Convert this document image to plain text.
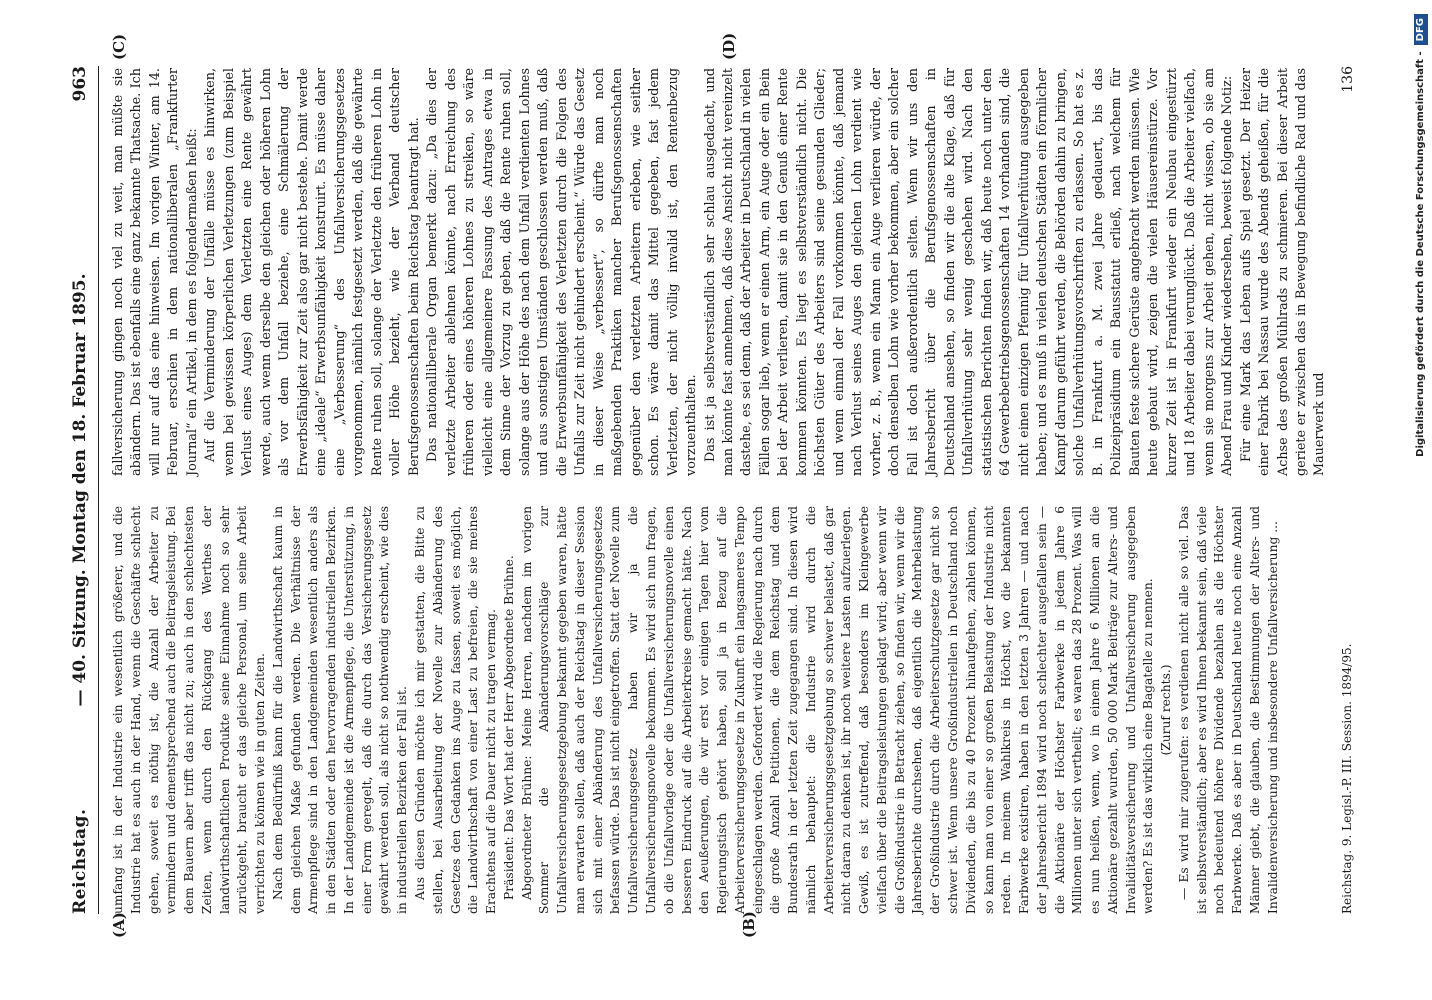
Reichstag.
— 40. Sitzung. Montag den 18. Februar 1895.
963
(A)	(B)
(C)	(D)

umfang ist in der Industrie ein wesentlich größerer, und die Industrie hat es auch in der Hand, wenn die Geschäfte schlecht gehen, soweit es nöthig ist, die Anzahl der Arbeiter zu vermindern und dementsprechend auch die Beitragsleistung. Bei dem Bauern aber trifft das nicht zu; auch in den schlechtesten Zeiten, wenn durch den Rückgang des Werthes der landwirthschaftlichen Produkte seine Einnahme noch so sehr zurückgeht, braucht er das gleiche Personal, um seine Arbeit verrichten zu können wie in guten Zeiten. Nach dem Bedürfniß kann für die Landwirthschaft kaum in dem gleichen Maße gefunden werden. Die Verhältnisse der Armenpflege sind in den Landgemeinden wesentlich anders als in den Städten oder den hervorragenden industriellen Bezirken. In der Landgemeinde ist die Armenpflege, die Unterstützung, in einer Form geregelt, daß die durch das Versicherungsgesetz gewährt werden soll, als nicht so nothwendig erscheint, wie dies in industriellen Bezirken der Fall ist. Aus diesen Gründen möchte ich mir gestatten, die Bitte zu stellen, bei Ausarbeitung der Novelle zur Abänderung des Gesetzes den Gedanken ins Auge zu fassen, soweit es möglich, die Landwirthschaft von einer Last zu befreien, die sie meines Erachtens auf die Dauer nicht zu tragen vermag. Präsident: Das Wort hat der Herr Abgeordnete Brühne. Abgeordneter Brühne: Meine Herren, nachdem im vorigen Sommer die Abänderungsvorschläge zur Unfallversicherungsgesetzgebung bekannt gegeben waren, hätte man erwarten sollen, daß auch der Reichstag in dieser Session sich mit einer Abänderung des Unfallversicherungsgesetzes befassen würde. Das ist nicht eingetroffen. Statt der Novelle zum Unfallversicherungsgesetz haben wir ja die Unfallversicherungsnovelle bekommen. Es wird sich nun fragen, ob die Unfallvorlage oder die Unfallversicherungsnovelle einen besseren Eindruck auf die Arbeiterkreise gemacht hätte. Nach den Aeußerungen, die wir erst vor einigen Tagen hier vom Regierungstisch gehört haben, soll ja in Bezug auf die Arbeiterversicherungsgesetze in Zukunft ein langsameres Tempo eingeschlagen werden. Gefordert wird die Regierung nach durch die große Anzahl Petitionen, die dem Reichstag und dem Bundesrath in der letzten Zeit zugegangen sind. In diesen wird nämlich behauptet: die Industrie wird durch die Arbeiterversicherungsgesetzgebung so schwer belastet, daß gar nicht daran zu denken ist, ihr noch weitere Lasten aufzuerlegen. Gewiß, es ist zutreffend, daß besonders im Kleingewerbe vielfach über die Beitragsleistungen geklagt wird; aber wenn wir die Großindustrie in Betracht ziehen, so finden wir, wenn wir die Jahresberichte durchsehen, daß eigentlich die Mehrbelastung der Großindustrie durch die Arbeiterschutzgesetze gar nicht so schwer ist. Wenn unsere Großindustriellen in Deutschland noch Dividenden, die bis zu 40 Prozent hinaufgehen, zahlen können, so kann man von einer so großen Belastung der Industrie nicht reden. In meinem Wahlkreis in Höchst, wo die bekannten Farbwerke existiren, haben in den letzten 3 Jahren — und nach der Jahresbericht 1894 wird noch schlechter ausgefallen sein — die Aktionäre der Höchster Farbwerke in jedem Jahre 6 Millionen unter sich vertheilt; es waren das 28 Prozent. Was will es nun heißen, wenn, wo in einem Jahre 6 Millionen an die Aktionäre gezahlt wurden, 50 000 Mark Beiträge zur Alters- und Invaliditätsversicherung und Unfallversicherung ausgegeben werden? Es ist das wirklich eine Bagatelle zu nennen. (Zuruf rechts.) — Es wird mir zugerufen: es verdienen nicht alle so viel. Das ist selbstverständlich; aber es wird Ihnen bekannt sein, daß viele noch bedeutend höhere Dividende bezahlen als die Höchster Farbwerke. Daß es aber in Deutschland heute noch eine Anzahl Männer giebt, die glauben, die Bestimmungen der Alters- und Invalidenversicherung und insbesondere Unfallversicherung ...

fallversicherung gingen noch viel zu weit, man müßte sie abändern. Das ist ebenfalls eine ganz bekannte Thatsache. Ich will nur auf das eine hinweisen. Im vorigen Winter, am 14. Februar, erschien in dem nationalliberalen „Frankfurter Journal“ ein Artikel, in dem es folgendermaßen heißt: Auf die Verminderung der Unfälle müsse es hinwirken, wenn bei gewissen körperlichen Verletzungen (zum Beispiel Verlust eines Auges) dem Verletzten eine Rente gewährt werde, auch wenn derselbe den gleichen oder höheren Lohn als vor dem Unfall beziehe, eine Schmälerung der Erwerbsfähigkeit zur Zeit also gar nicht bestehe. Damit werde eine „ideale“ Erwerbsunfähigkeit konstruirt. Es müsse daher eine „Verbesserung“ des Unfallversicherungsgesetzes vorgenommen, nämlich festgesetzt werden, daß die gewährte Rente ruhen soll, solange der Verletzte den früheren Lohn in voller Höhe bezieht, wie der Verband deutscher Berufsgenossenschaften beim Reichstag beantragt hat. Das nationalliberale Organ bemerkt dazu: „Da dies der verletzte Arbeiter ablehnen könnte, nach Erreichung des früheren oder eines höheren Lohnes zu streiken, so wäre vielleicht eine allgemeinere Fassung des Antrages etwa in dem Sinne der Vorzug zu geben, daß die Rente ruhen soll, solange aus der Höhe des nach dem Unfall verdienten Lohnes und aus sonstigen Umständen geschlossen werden muß, daß die Erwerbsunfähigkeit des Verletzten durch die Folgen des Unfalls zur Zeit nicht gehindert erscheint.“ Würde das Gesetz in dieser Weise „verbessert“, so dürfte man noch maßgebenden Praktiken mancher Berufsgenossenschaften gegenüber den verletzten Arbeitern erleben, wie seither schon. Es wäre damit das Mittel gegeben, fast jedem Verletzten, der nicht völlig invalid ist, den Rentenbezug vorzuenthalten. Das ist ja selbstverständlich sehr schlau ausgedacht, und man könnte fast annehmen, daß diese Ansicht nicht vereinzelt dastehe, es sei denn, daß der Arbeiter in Deutschland in vielen Fällen sogar lieb, wenn er einen Arm, ein Auge oder ein Bein bei der Arbeit verlieren, damit sie in den Genuß einer Rente kommen könnten. Es liegt es selbstverständlich nicht. Die höchsten Güter des Arbeiters sind seine gesunden Glieder; und wenn einmal der Fall vorkommen könnte, daß jemand nach Verlust seines Auges den gleichen Lohn verdient wie vorher, z. B., wenn ein Mann ein Auge verlieren würde, der doch denselben Lohn wie vorher bekommen, aber ein solcher Fall ist doch außerordentlich selten. Wenn wir uns den Jahresbericht über die Berufsgenossenschaften in Deutschland ansehen, so finden wir die alte Klage, daß für Unfallverhütung sehr wenig geschehen wird. Nach den statistischen Berichten finden wir, daß heute noch unter den 64 Gewerbebetriebsgenossenschaften 14 vorhanden sind, die nicht einen einzigen Pfennig für Unfallverhütung ausgegeben haben; und es muß in vielen deutschen Städten ein förmlicher Kampf darum geführt werden, die Behörden dahin zu bringen, solche Unfallverhütungsvorschriften zu erlassen. So hat es z. B. in Frankfurt a. M. zwei Jahre gedauert, bis das Polizeipräsidium ein Bausstatut erließ, nach welchem für Bauten feste sichere Gerüste angebracht werden müssen. Wie heute gebaut wird, zeigen die vielen Häusereinstürze. Vor kurzer Zeit ist in Frankfurt wieder ein Neubau eingestürzt und 18 Arbeiter dabei verunglückt. Daß die Arbeiter vielfach, wenn sie morgens zur Arbeit gehen, nicht wissen, ob sie am Abend Frau und Kinder wiedersehen, beweist folgende Notiz: Für eine Mark das Leben aufs Spiel gesetzt. Der Heizer einer Fabrik bei Nassau wurde des Abends geheißen, für die Achse des großen Mühlrads zu schmieren. Bei dieser Arbeit geriete er zwischen das in Bewegung befindliche Rad und das Mauerwerk und

Reichstag. 9. Legisl.-P. III. Session. 1894/95.
136	Digitalisierung gefördert durch die Deutsche Forschungsgemeinschaft -DFG
